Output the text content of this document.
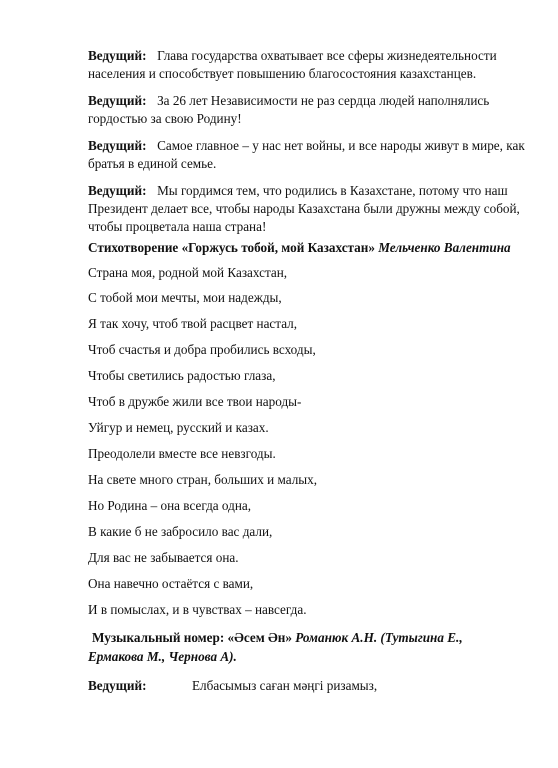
Ведущий: Глава государства охватывает все сферы жизнедеятельности
населения и способствует повышению благосостояния казахстанцев.
Ведущий: За 26 лет Независимости не раз сердца людей наполнялись
гордостью за свою Родину!
Ведущий: Самое главное – у нас нет войны, и все народы живут в мире, как
братья в единой семье.
Ведущий: Мы гордимся тем, что родились в Казахстане, потому что наш
Президент делает все, чтобы народы Казахстана были дружны между собой,
чтобы процветала наша страна!
Стихотворение «Горжусь тобой, мой Казахстан» Мельченко Валентина
Страна моя, родной мой Казахстан,
С тобой мои мечты, мои надежды,
Я так хочу, чтоб твой расцвет настал,
Чтоб счастья и добра пробились всходы,
Чтобы светились радостью глаза,
Чтоб в дружбе жили все твои народы-
Уйгур и немец, русский и казах.
Преодолели вместе все невзгоды.
На свете много стран, больших и малых,
Но Родина – она всегда одна,
В какие б не забросило вас дали,
Для вас не забывается она.
Она навечно остаётся с вами,
И в помыслах, и в чувствах – навсегда.
Музыкальный номер: «Әсем Ән» Романюк А.Н. (Тутыгина Е.,
Ермакова М., Чернова А).
Ведущий:	Елбасымыз саған мәңгі ризамыз,
